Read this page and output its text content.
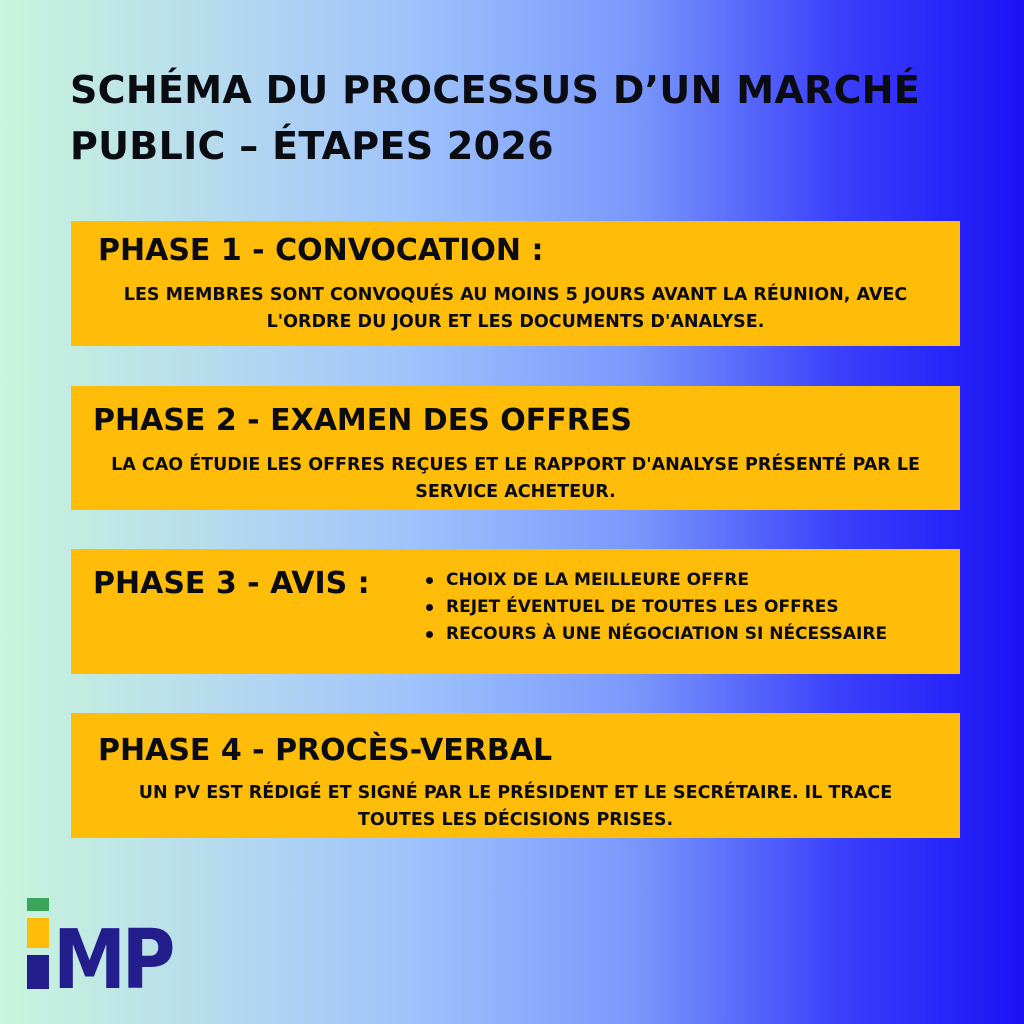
SCHÉMA DU PROCESSUS D’UN MARCHÉ
PUBLIC – ÉTAPES 2026
PHASE 1 - CONVOCATION :
LES MEMBRES SONT CONVOQUÉS AU MOINS 5 JOURS AVANT LA RÉUNION, AVEC L'ORDRE DU JOUR ET LES DOCUMENTS D'ANALYSE.
PHASE 2 - EXAMEN DES OFFRES
LA CAO ÉTUDIE LES OFFRES REÇUES ET LE RAPPORT D'ANALYSE PRÉSENTÉ PAR LE SERVICE ACHETEUR.
PHASE 3 - AVIS :	CHOIX DE LA MEILLEURE OFFRE
REJET ÉVENTUEL DE TOUTES LES OFFRES
RECOURS À UNE NÉGOCIATION SI NÉCESSAIRE
PHASE 4 - PROCÈS-VERBAL
UN PV EST RÉDIGÉ ET SIGNÉ PAR LE PRÉSIDENT ET LE SECRÉTAIRE. IL TRACE TOUTES LES DÉCISIONS PRISES.
MP
